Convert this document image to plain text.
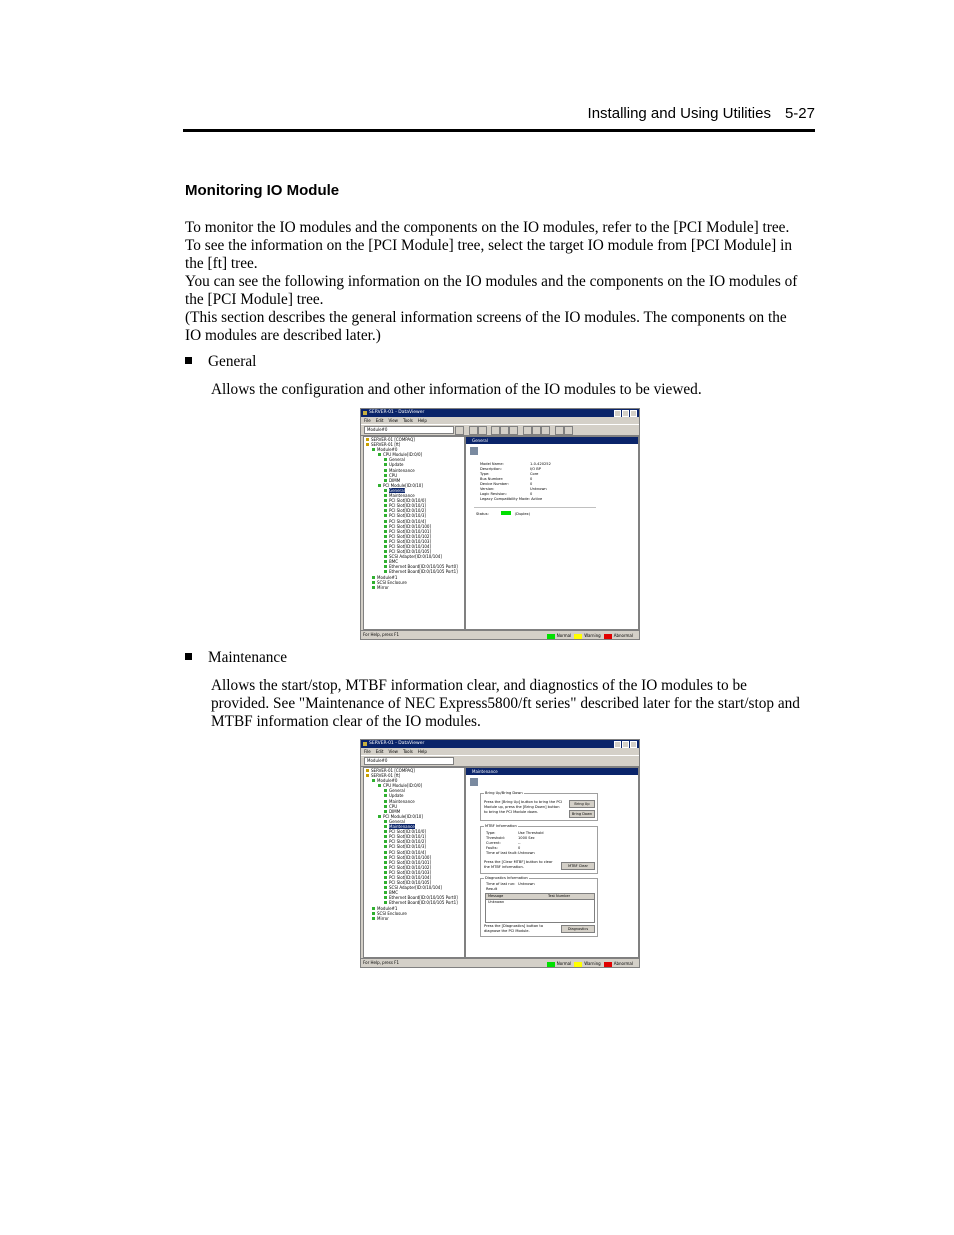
Installing and Using Utilities 5-27
Monitoring IO Module
To monitor the IO modules and the components on the IO modules, refer to the [PCI Module] tree.
To see the information on the [PCI Module] tree, select the target IO module from [PCI Module] in
the [ft] tree.
You can see the following information on the IO modules and the components on the IO modules of
the [PCI Module] tree.
(This section describes the general information screens of the IO modules. The components on the
IO modules are described later.)
General
Allows the configuration and other information of the IO modules to be viewed.
SERVER-01 - DataViewer
File Edit View Tools Help
Module#0
SERVER-01 [COMPAQ]
SERVER-01 [ft]
Module#0
CPU Module[ID:0/0]
General
Update
Maintenance
CPU
DIMM
PCI Module[ID:0/10]
General
Maintenance
PCI Slot[ID:0/10/0]
PCI Slot[ID:0/10/1]
PCI Slot[ID:0/10/2]
PCI Slot[ID:0/10/3]
PCI Slot[ID:0/10/4]
PCI Slot[ID:0/10/100]
PCI Slot[ID:0/10/101]
PCI Slot[ID:0/10/102]
PCI Slot[ID:0/10/103]
PCI Slot[ID:0/10/104]
PCI Slot[ID:0/10/105]
SCSI Adapter[ID:0/10/104]
BMC
Ethernet Board[ID:0/10/105 Port0]
Ethernet Board[ID:0/10/105 Port1]
Module#1
SCSI Enclosure
Mirror
General
Model Name:	1-0-420252
Description:	I/O BP
Type:	Core
Bus Number:	0
Device Number:	0
Version:	Unknown
Logic Revision:	0
Legacy Compatibility Mode: Active
Status:	(Duplex)
For Help, press F1	Normal	Warning	Abnormal
Maintenance
Allows the start/stop, MTBF information clear, and diagnostics of the IO modules to be
provided. See "Maintenance of NEC Express5800/ft series" described later for the start/stop and
MTBF information clear of the IO modules.
SERVER-01 - DataViewer
File Edit View Tools Help
Module#0
SERVER-01 [COMPAQ]
SERVER-01 [ft]
Module#0
CPU Module[ID:0/0]
General
Update
Maintenance
CPU
DIMM
PCI Module[ID:0/10]
General
Maintenance
PCI Slot[ID:0/10/0]
PCI Slot[ID:0/10/1]
PCI Slot[ID:0/10/2]
PCI Slot[ID:0/10/3]
PCI Slot[ID:0/10/4]
PCI Slot[ID:0/10/100]
PCI Slot[ID:0/10/101]
PCI Slot[ID:0/10/102]
PCI Slot[ID:0/10/103]
PCI Slot[ID:0/10/104]
PCI Slot[ID:0/10/105]
SCSI Adapter[ID:0/10/104]
BMC
Ethernet Board[ID:0/10/105 Port0]
Ethernet Board[ID:0/10/105 Port1]
Module#1
SCSI Enclosure
Mirror
Maintenance
Bring Up/Bring Down
Press the [Bring Up] button to bring the PCI
Module up, press the [Bring Down] button
to bring the PCI Module down.
Bring Up
Bring Down
MTBF Information
Type:	Use Threshold
Threshold:	1000 Sec
Current:	--
Faults:	0
Time of last fault:Unknown
Press the [Clear MTBF] button to clear
the MTBF information.	MTBF Clear
Diagnostics Information
Time of last run: Unknown
Result
Message	Test Number
Unknown
Press the [Diagnostics] button to
diagnose the PCI Module.	Diagnostics
For Help, press F1	Normal	Warning	Abnormal
